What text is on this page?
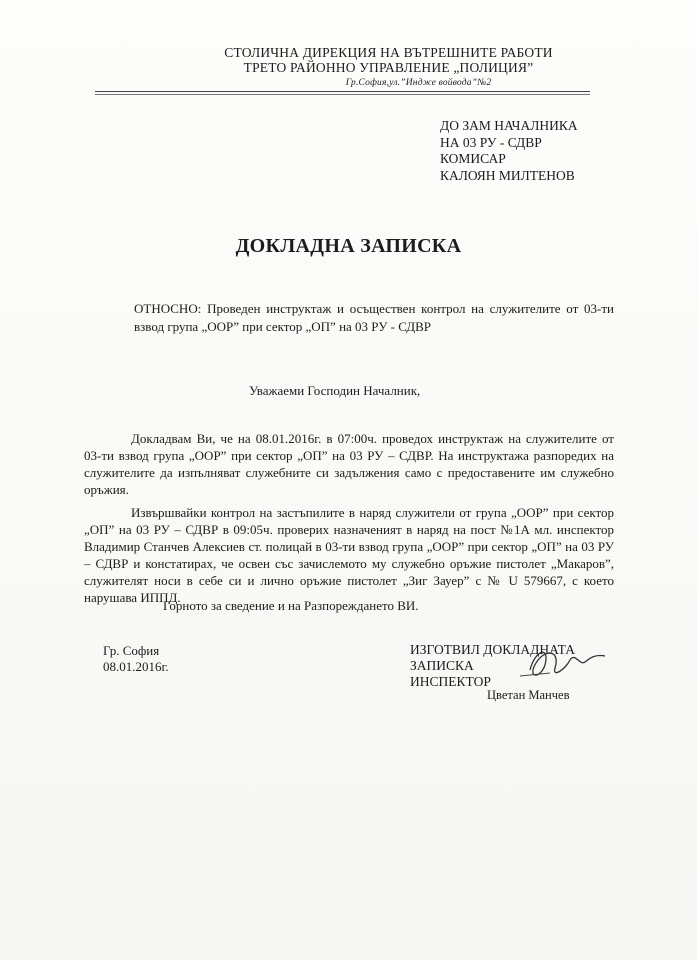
СТОЛИЧНА ДИРЕКЦИЯ НА ВЪТРЕШНИТЕ РАБОТИ
ТРЕТО РАЙОННО УПРАВЛЕНИЕ „ПОЛИЦИЯ”
Гр.София,ул.”Индже войвода”№2
ДО ЗАМ НАЧАЛНИКА
НА 03 РУ - СДВР
КОМИСАР
КАЛОЯН МИЛТЕНОВ
ДОКЛАДНА ЗАПИСКА
ОТНОСНО: Проведен инструктаж и осъществен контрол на служителите от 03-ти взвод група „ООР” при сектор „ОП” на 03 РУ - СДВР
Уважаеми Господин Началник,

Докладвам Ви, че на 08.01.2016г. в 07:00ч. проведох инструктаж на служителите от 03-ти взвод група „ООР” при сектор „ОП” на 03 РУ – СДВР. На инструктажа разпоредих на служителите да изпълняват служебните си задължения само с предоставените им служебно оръжия.

Извършвайки контрол на застъпилите в наряд служители от група „ООР” при сектор „ОП” на 03 РУ – СДВР в 09:05ч. проверих назначеният в наряд на пост №1А мл. инспектор Владимир Станчев Алексиев ст. полицай в 03-ти взвод група „ООР” при сектор „ОП” на 03 РУ – СДВР и констатирах, че освен със зачислемото му служебно оръжие пистолет „Макаров”, служителят носи в себе си и лично оръжие пистолет „Зиг Зауер” с № U 579667, с което нарушава ИППД.

Горното за сведение и на Разпореждането ВИ.
Гр. София
08.01.2016г.
ИЗГОТВИЛ ДОКЛАДНАТА
ЗАПИСКА
ИНСПЕКТОР
Цветан Манчев
